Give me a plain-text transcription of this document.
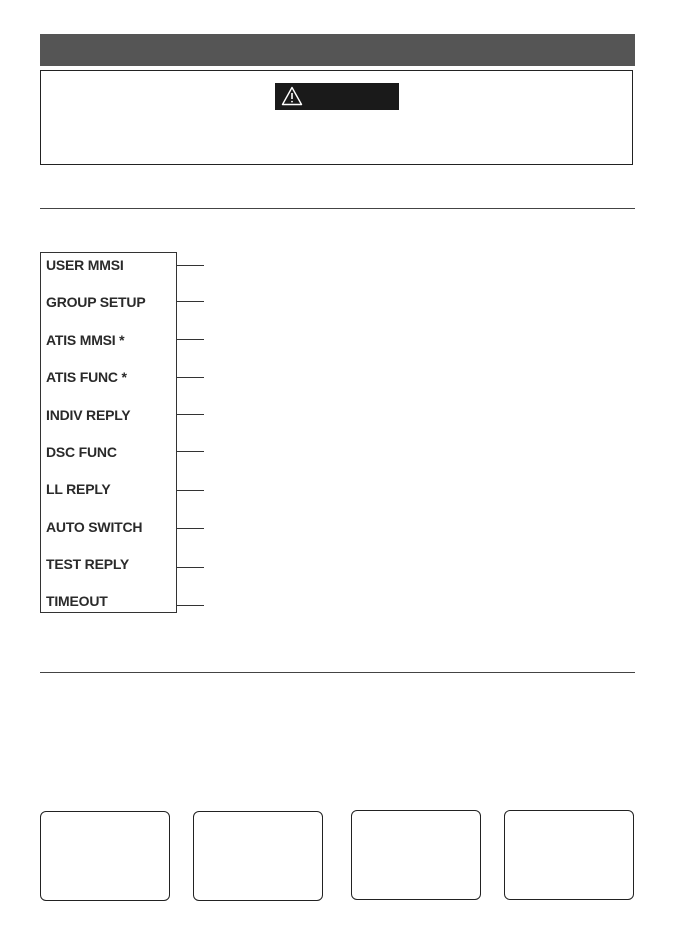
USER MMSI
GROUP SETUP
ATIS MMSI *
ATIS FUNC *
INDIV REPLY
DSC FUNC
LL REPLY
AUTO SWITCH
TEST REPLY
TIMEOUT
